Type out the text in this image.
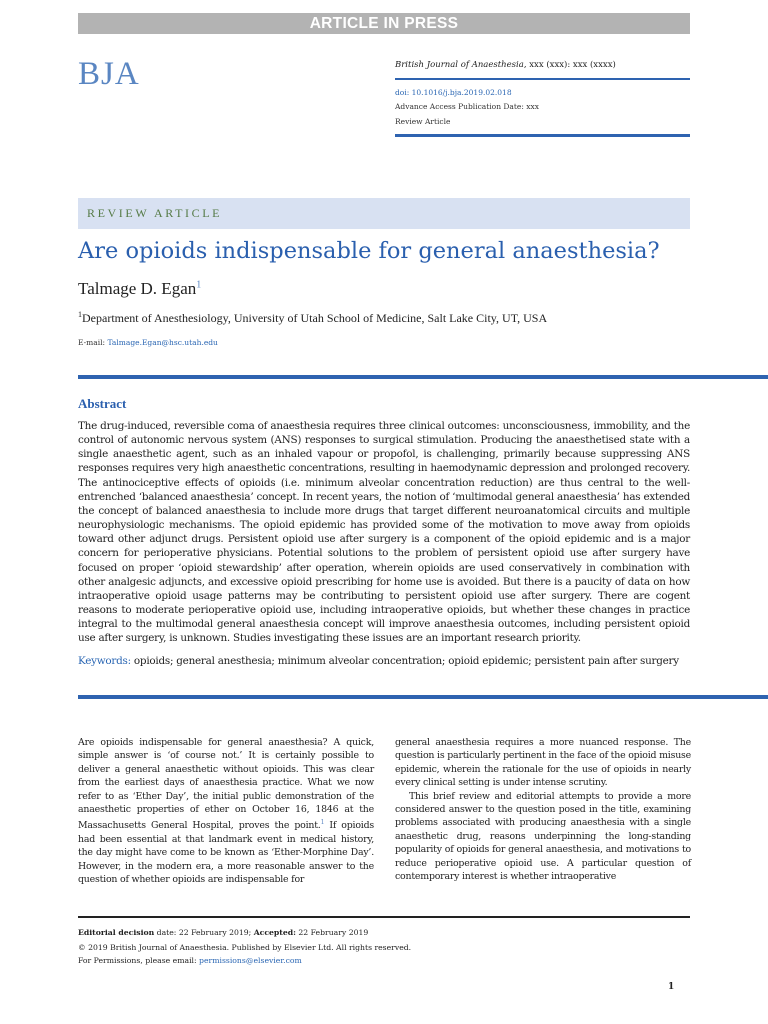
ARTICLE IN PRESS
BJA	British Journal of Anaesthesia, xxx (xxx): xxx (xxxx)
doi: 10.1016/j.bja.2019.02.018
Advance Access Publication Date: xxx
Review Article
REVIEW ARTICLE
Are opioids indispensable for general anaesthesia?
Talmage D. Egan$^1$
$^1$Department of Anesthesiology, University of Utah School of Medicine, Salt Lake City, UT, USA
E-mail: Talmage.Egan@hsc.utah.edu
Abstract
The drug-induced, reversible coma of anaesthesia requires three clinical outcomes: unconsciousness, immobility, and the control of autonomic nervous system (ANS) responses to surgical stimulation. Producing the anaesthetised state with a single anaesthetic agent, such as an inhaled vapour or propofol, is challenging, primarily because suppressing ANS responses requires very high anaesthetic concentrations, resulting in haemodynamic depression and prolonged recovery. The antinociceptive effects of opioids (i.e. minimum alveolar concentration reduction) are thus central to the well-entrenched ‘balanced anaesthesia’ concept. In recent years, the notion of ‘multimodal general anaesthesia’ has extended the concept of balanced anaesthesia to include more drugs that target different neuroanatomical circuits and multiple neurophysiologic mechanisms. The opioid epidemic has provided some of the motivation to move away from opioids toward other adjunct drugs. Persistent opioid use after surgery is a component of the opioid epidemic and is a major concern for perioperative physicians. Potential solutions to the problem of persistent opioid use after surgery have focused on proper ‘opioid stewardship’ after operation, wherein opioids are used conservatively in combination with other analgesic adjuncts, and excessive opioid prescribing for home use is avoided. But there is a paucity of data on how intraoperative opioid usage patterns may be contributing to persistent opioid use after surgery. There are cogent reasons to moderate perioperative opioid use, including intraoperative opioids, but whether these changes in practice integral to the multimodal general anaesthesia concept will improve anaesthesia outcomes, including persistent opioid use after surgery, is unknown. Studies investigating these issues are an important research priority.
Keywords: opioids; general anesthesia; minimum alveolar concentration; opioid epidemic; persistent pain after surgery

Are opioids indispensable for general anaesthesia? A quick, simple answer is ‘of course not.’ It is certainly possible to deliver a general anaesthetic without opioids. This was clear from the earliest days of anaesthesia practice. What we now refer to as ‘Ether Day’, the initial public demonstration of the anaesthetic properties of ether on October 16, 1846 at the Massachusetts General Hospital, proves the point.$^1$ If opioids had been essential at that landmark event in medical history, the day might have come to be known as ‘Ether-Morphine Day’. However, in the modern era, a more reasonable answer to the question of whether opioids are indispensable for

general anaesthesia requires a more nuanced response. The question is particularly pertinent in the face of the opioid misuse epidemic, wherein the rationale for the use of opioids in nearly every clinical setting is under intense scrutiny.

This brief review and editorial attempts to provide a more considered answer to the question posed in the title, examining problems associated with producing anaesthesia with a single anaesthetic drug, reasons underpinning the long-standing popularity of opioids for general anaesthesia, and motivations to reduce perioperative opioid use. A particular question of contemporary interest is whether intraoperative

Editorial decision date: 22 February 2019; Accepted: 22 February 2019
© 2019 British Journal of Anaesthesia. Published by Elsevier Ltd. All rights reserved.
For Permissions, please email: permissions@elsevier.com
1
